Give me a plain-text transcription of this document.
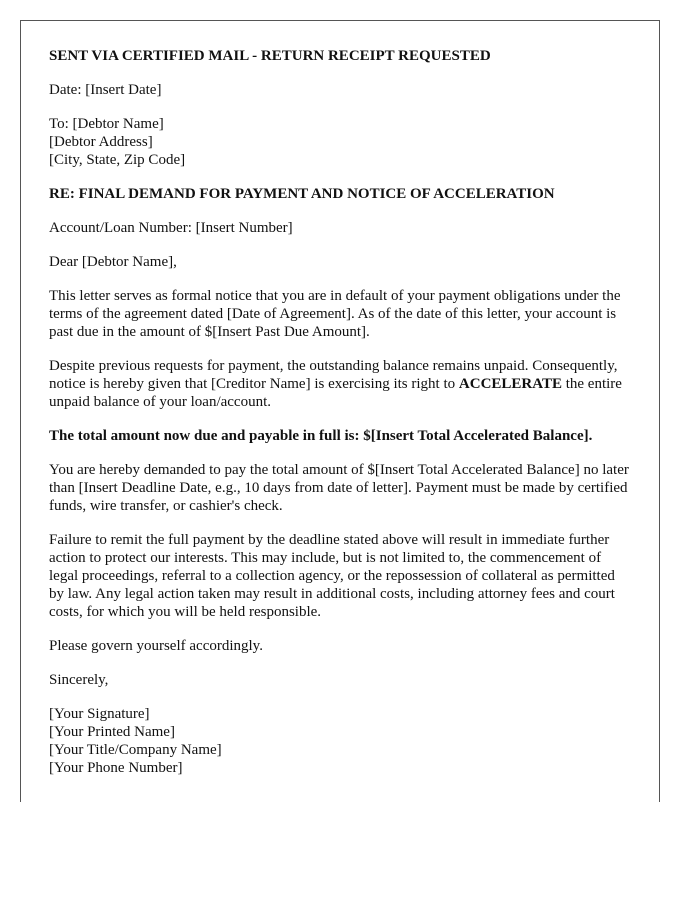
SENT VIA CERTIFIED MAIL - RETURN RECEIPT REQUESTED

Date: [Insert Date]

To: [Debtor Name]
[Debtor Address]
[City, State, Zip Code]

RE: FINAL DEMAND FOR PAYMENT AND NOTICE OF ACCELERATION

Account/Loan Number: [Insert Number]

Dear [Debtor Name],

This letter serves as formal notice that you are in default of your payment obligations under the terms of the agreement dated [Date of Agreement]. As of the date of this letter, your account is past due in the amount of $[Insert Past Due Amount].

Despite previous requests for payment, the outstanding balance remains unpaid. Consequently, notice is hereby given that [Creditor Name] is exercising its right to ACCELERATE the entire unpaid balance of your loan/account.

The total amount now due and payable in full is: $[Insert Total Accelerated Balance].

You are hereby demanded to pay the total amount of $[Insert Total Accelerated Balance] no later than [Insert Deadline Date, e.g., 10 days from date of letter]. Payment must be made by certified funds, wire transfer, or cashier's check.

Failure to remit the full payment by the deadline stated above will result in immediate further action to protect our interests. This may include, but is not limited to, the commencement of legal proceedings, referral to a collection agency, or the repossession of collateral as permitted by law. Any legal action taken may result in additional costs, including attorney fees and court costs, for which you will be held responsible.

Please govern yourself accordingly.

Sincerely,

[Your Signature]
[Your Printed Name]
[Your Title/Company Name]
[Your Phone Number]
